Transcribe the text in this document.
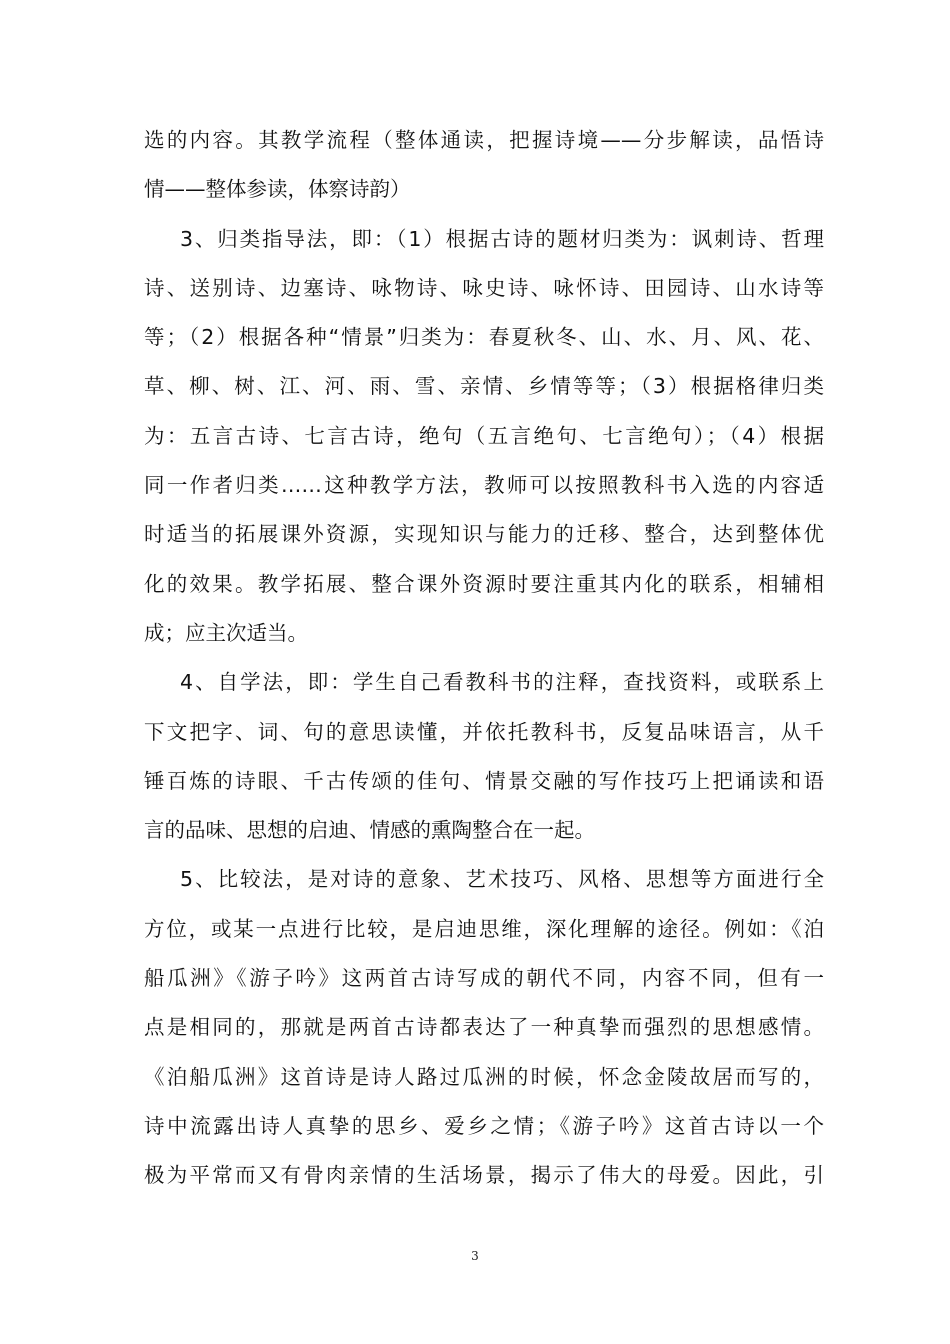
选的内容。其教学流程（整体通读，把握诗境——分步解读，品悟诗
情——整体参读，体察诗韵）
3、归类指导法，即：（1）根据古诗的题材归类为：讽刺诗、哲理
诗、送别诗、边塞诗、咏物诗、咏史诗、咏怀诗、田园诗、山水诗等
等；（2）根据各种“情景”归类为：春夏秋冬、山、水、月、风、花、
草、柳、树、江、河、雨、雪、亲情、乡情等等；（3）根据格律归类
为：五言古诗、七言古诗，绝句（五言绝句、七言绝句）；（4）根据
同一作者归类……这种教学方法，教师可以按照教科书入选的内容适
时适当的拓展课外资源，实现知识与能力的迁移、整合，达到整体优
化的效果。教学拓展、整合课外资源时要注重其内化的联系，相辅相
成；应主次适当。
4、自学法，即：学生自己看教科书的注释，查找资料，或联系上
下文把字、词、句的意思读懂，并依托教科书，反复品味语言，从千
锤百炼的诗眼、千古传颂的佳句、情景交融的写作技巧上把诵读和语
言的品味、思想的启迪、情感的熏陶整合在一起。
5、比较法，是对诗的意象、艺术技巧、风格、思想等方面进行全
方位，或某一点进行比较，是启迪思维，深化理解的途径。例如：《泊
船瓜洲》《游子吟》这两首古诗写成的朝代不同，内容不同，但有一
点是相同的，那就是两首古诗都表达了一种真挚而强烈的思想感情。
《泊船瓜洲》这首诗是诗人路过瓜洲的时候，怀念金陵故居而写的，
诗中流露出诗人真挚的思乡、爱乡之情；《游子吟》这首古诗以一个
极为平常而又有骨肉亲情的生活场景，揭示了伟大的母爱。因此，引
3
